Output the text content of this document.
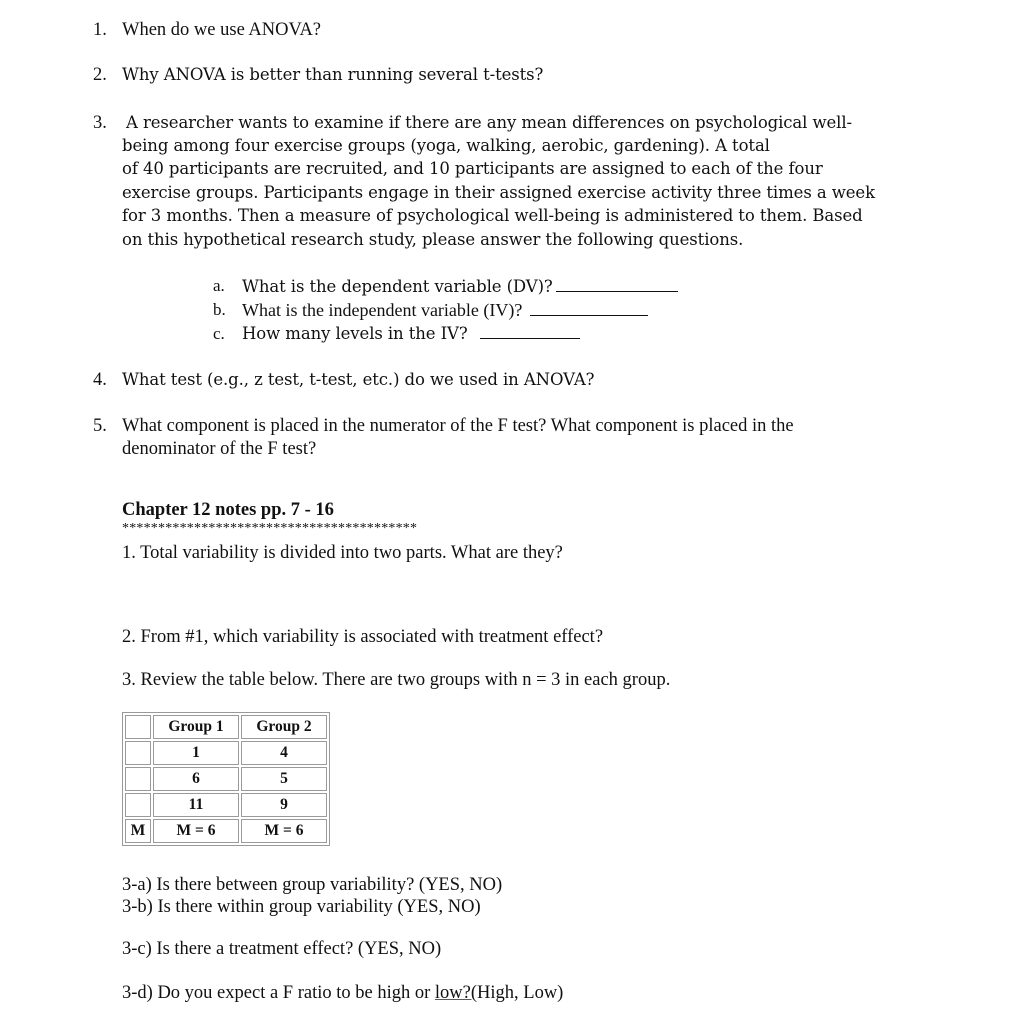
1. When do we use ANOVA?
2. Why ANOVA is better than running several t-tests?
3. A researcher wants to examine if there are any mean differences on psychological well-
being among four exercise groups (yoga, walking, aerobic, gardening). A total
of 40 participants are recruited, and 10 participants are assigned to each of the four
exercise groups. Participants engage in their assigned exercise activity three times a week
for 3 months. Then a measure of psychological well-being is administered to them. Based
on this hypothetical research study, please answer the following questions.
a. What is the dependent variable (DV)?
b. What is the independent variable (IV)?
c. How many levels in the IV?
4. What test (e.g., z test, t-test, etc.) do we used in ANOVA?
5. What component is placed in the numerator of the F test? What component is placed in the
denominator of the F test?
Chapter 12 notes pp. 7 - 16
*****************************************
1. Total variability is divided into two parts. What are they?
2. From #1, which variability is associated with treatment effect?
3. Review the table below. There are two groups with n = 3 in each group.
	Group 1	Group 2
	1	4
	6	5
	11	9
M	M = 6	M = 6
3-a) Is there between group variability? (YES, NO)
3-b) Is there within group variability (YES, NO)
3-c) Is there a treatment effect? (YES, NO)
3-d) Do you expect a F ratio to be high or low?(High, Low)
